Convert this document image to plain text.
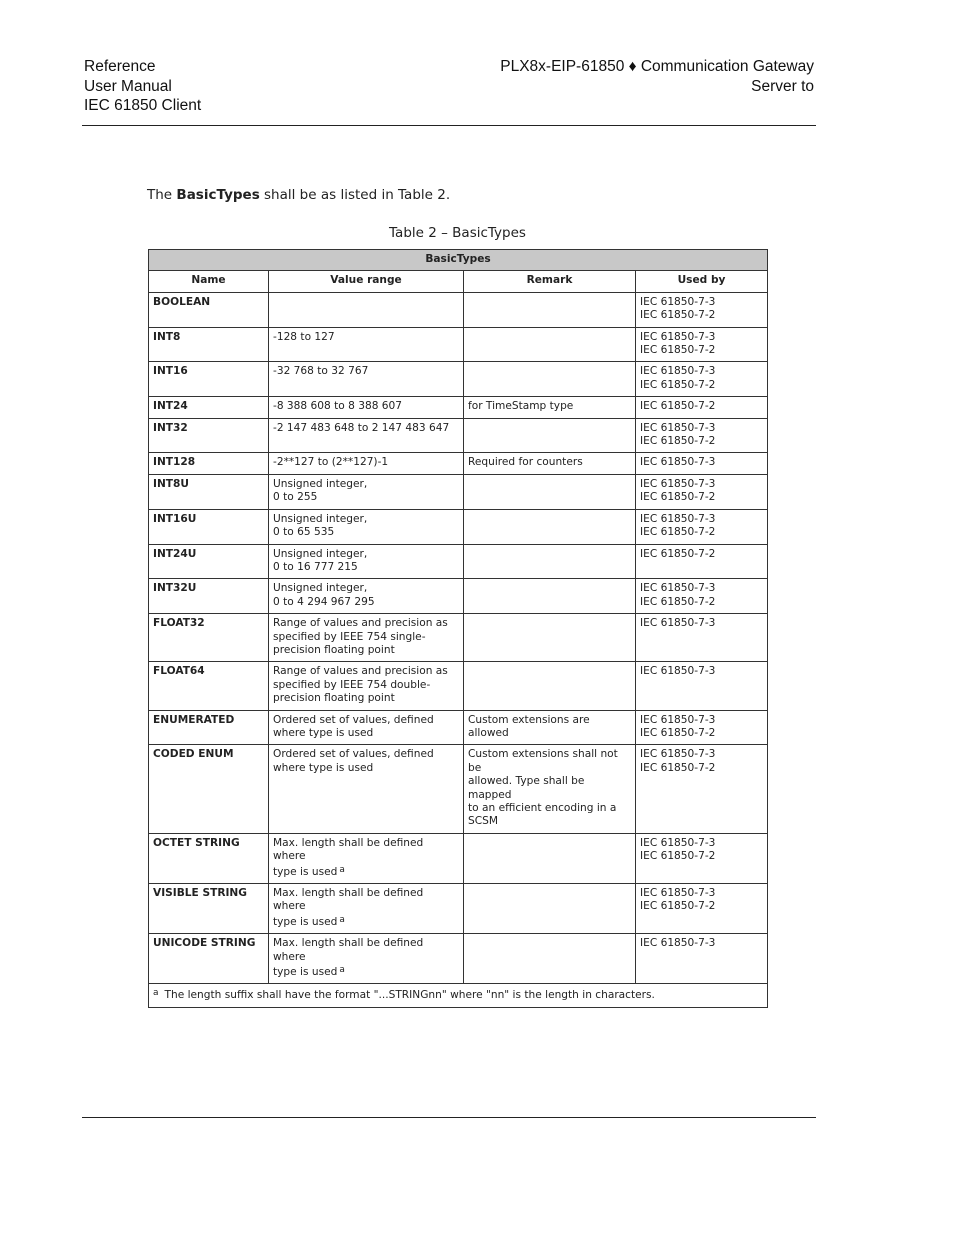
Reference
User Manual
IEC 61850 Client
PLX8x-EIP-61850 ♦ Communication Gateway
Server to
The BasicTypes shall be as listed in Table 2.
Table 2 – BasicTypes
BasicTypes			
Name	Value range	Remark	Used by
BOOLEAN			IEC 61850-7-3
IEC 61850-7-2

INT8	-128 to 127		IEC 61850-7-3
IEC 61850-7-2

INT16	-32 768 to 32 767		IEC 61850-7-3
IEC 61850-7-2

INT24	-8 388 608 to 8 388 607	for TimeStamp type	IEC 61850-7-2

INT32	-2 147 483 648 to 2 147 483 647		IEC 61850-7-3
IEC 61850-7-2

INT128	-2**127 to (2**127)-1	Required for counters	IEC 61850-7-3

INT8U	Unsigned integer,
0 to 255		IEC 61850-7-3
IEC 61850-7-2

INT16U	Unsigned integer,
0 to 65 535		IEC 61850-7-3
IEC 61850-7-2

INT24U	Unsigned integer,
0 to 16 777 215		IEC 61850-7-2

INT32U	Unsigned integer,
0 to 4 294 967 295		IEC 61850-7-3
IEC 61850-7-2

FLOAT32	Range of values and precision as
specified by IEEE 754 single-
precision floating point		IEC 61850-7-3

FLOAT64	Range of values and precision as
specified by IEEE 754 double-
precision floating point		IEC 61850-7-3

ENUMERATED	Ordered set of values, defined
where type is used	Custom extensions are allowed	IEC 61850-7-3
IEC 61850-7-2

CODED ENUM	Ordered set of values, defined
where type is used	Custom extensions shall not be
allowed. Type shall be mapped
to an efficient encoding in a
SCSM	IEC 61850-7-3
IEC 61850-7-2

OCTET STRING	Max. length shall be defined where
type is used $^a$		IEC 61850-7-3
IEC 61850-7-2

VISIBLE STRING	Max. length shall be defined where
type is used $^a$		IEC 61850-7-3
IEC 61850-7-2

UNICODE STRING	Max. length shall be defined where
type is used $^a$		IEC 61850-7-3

$^a$ The length suffix shall have the format "...STRINGnn" where "nn" is the length in characters.			
